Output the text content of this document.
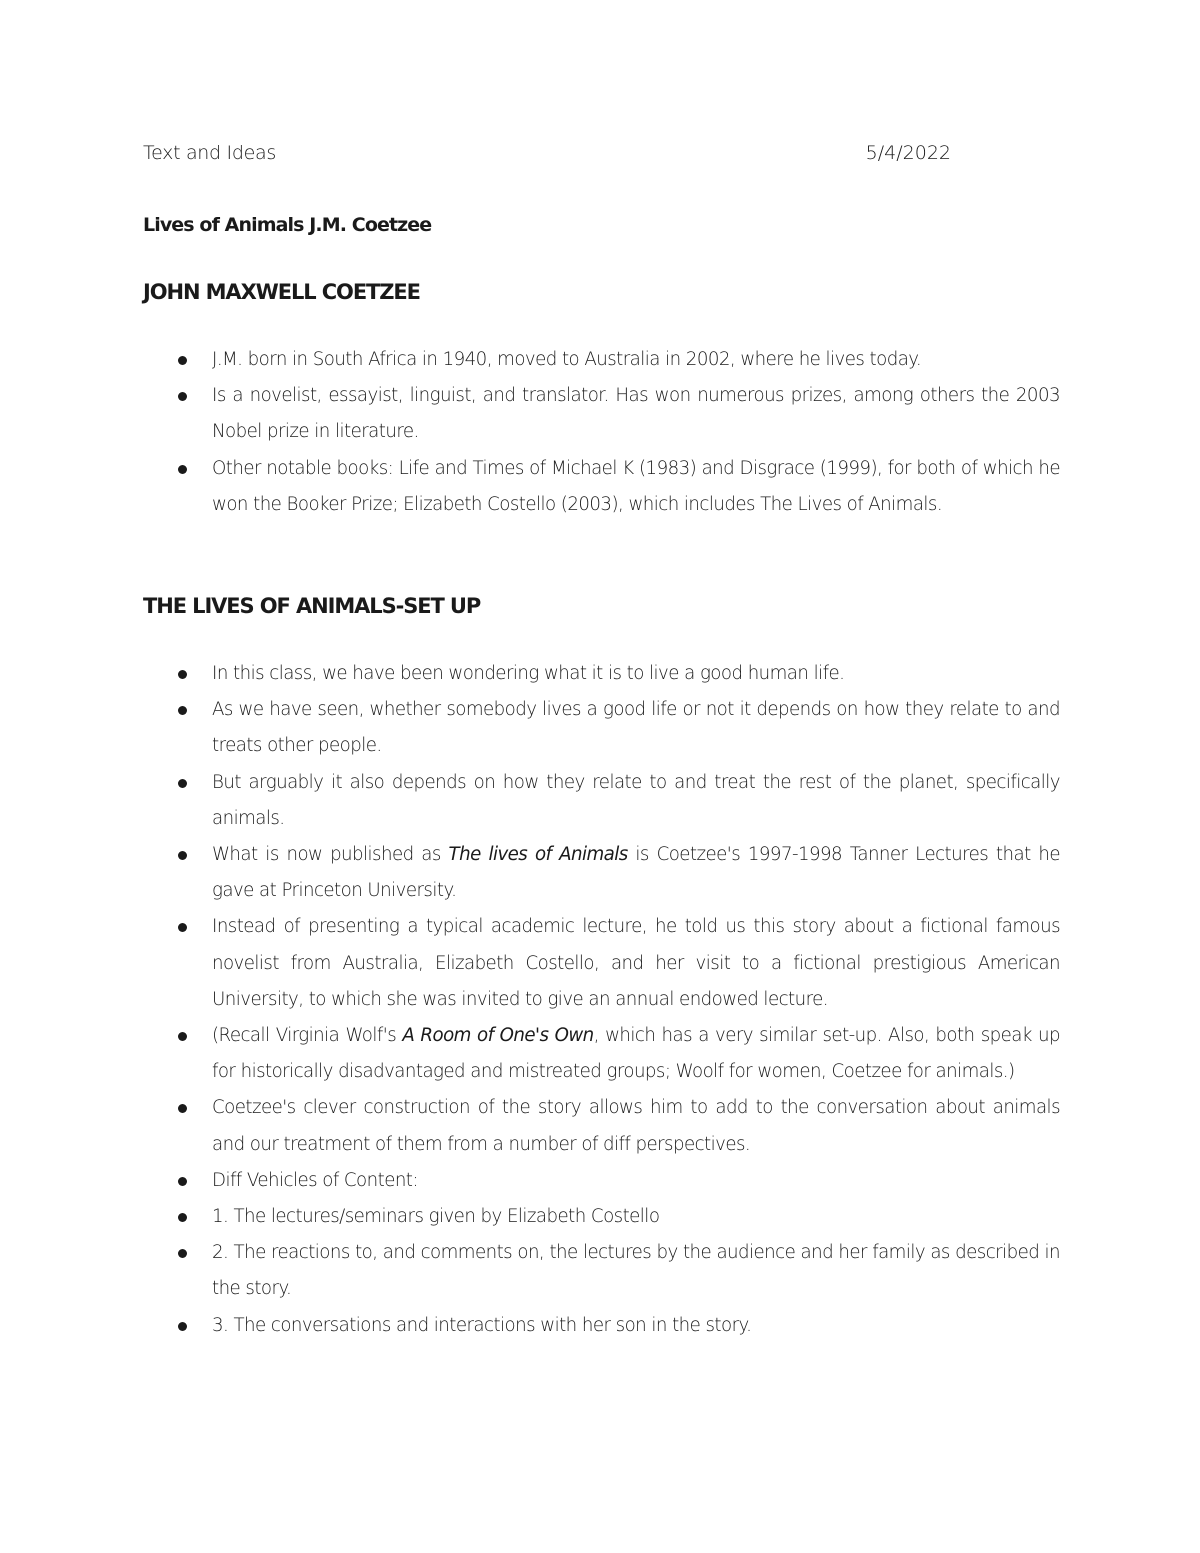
Text and Ideas	5/4/2022
Lives of Animals J.M. Coetzee
JOHN MAXWELL COETZEE
J.M. born in South Africa in 1940, moved to Australia in 2002, where he lives today.
Is a novelist, essayist, linguist, and translator. Has won numerous prizes, among others the 2003 Nobel prize in literature.
Other notable books: Life and Times of Michael K (1983) and Disgrace (1999), for both of which he won the Booker Prize; Elizabeth Costello (2003), which includes The Lives of Animals.
THE LIVES OF ANIMALS-SET UP
In this class, we have been wondering what it is to live a good human life.
As we have seen, whether somebody lives a good life or not it depends on how they relate to and treats other people.
But arguably it also depends on how they relate to and treat the rest of the planet, specifically animals.
What is now published as The lives of Animals is Coetzee's 1997-1998 Tanner Lectures that he gave at Princeton University.
Instead of presenting a typical academic lecture, he told us this story about a fictional famous novelist from Australia, Elizabeth Costello, and her visit to a fictional prestigious American University, to which she was invited to give an annual endowed lecture.
(Recall Virginia Wolf's A Room of One's Own, which has a very similar set-up. Also, both speak up for historically disadvantaged and mistreated groups; Woolf for women, Coetzee for animals.)
Coetzee's clever construction of the story allows him to add to the conversation about animals and our treatment of them from a number of diff perspectives.
Diff Vehicles of Content:
1. The lectures/seminars given by Elizabeth Costello
2. The reactions to, and comments on, the lectures by the audience and her family as described in the story.
3. The conversations and interactions with her son in the story.
